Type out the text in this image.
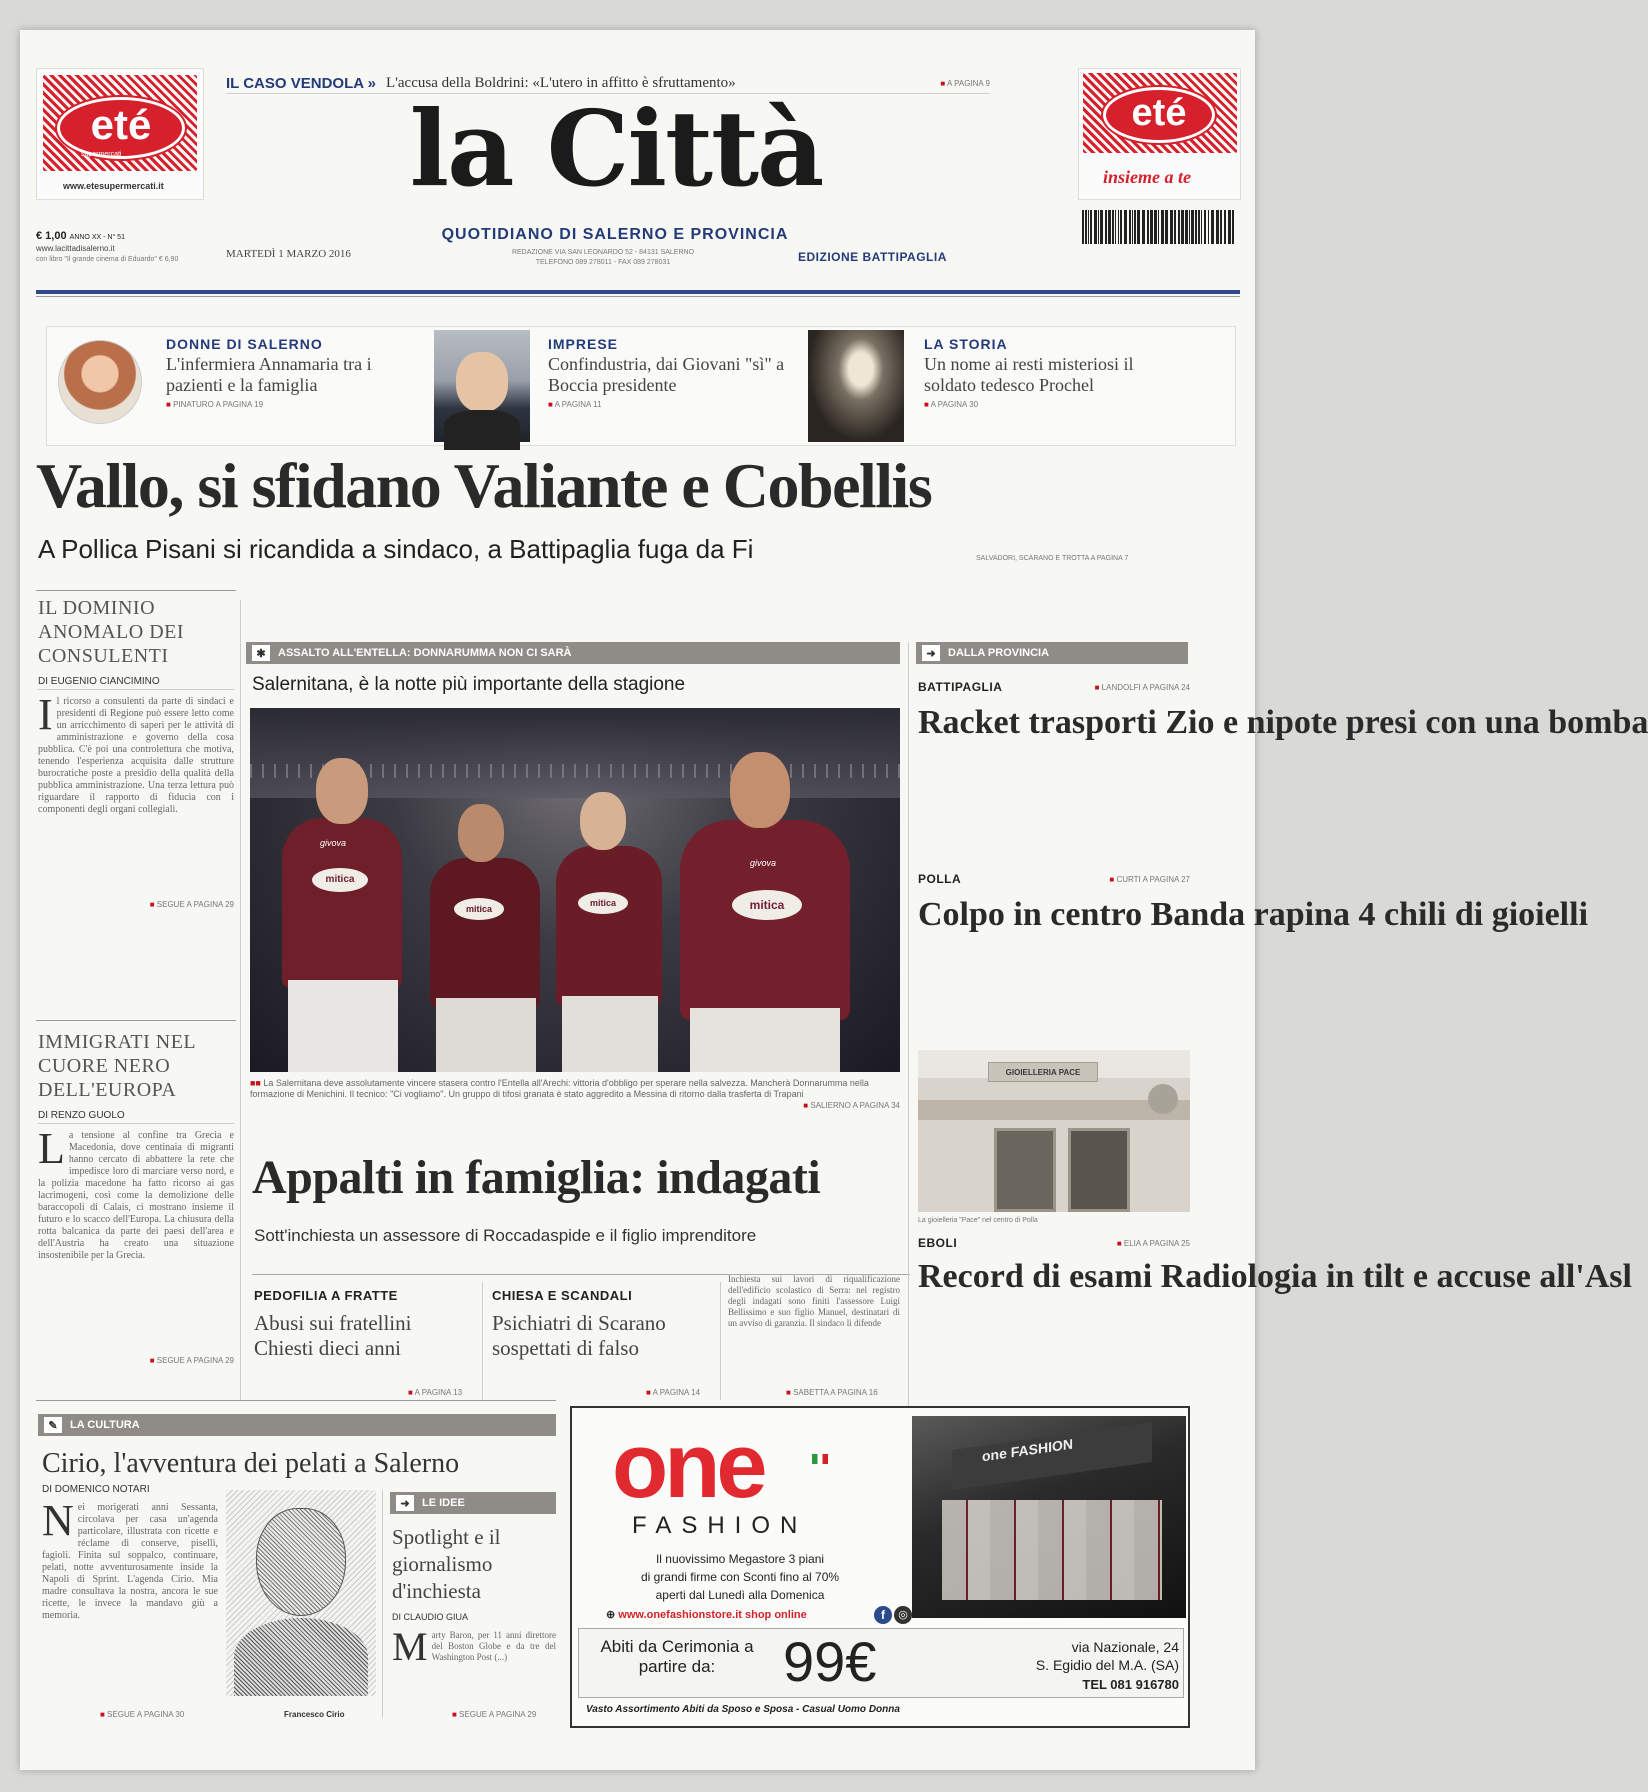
eté
supermercati
www.etesupermercati.it
eté
insieme a te
IL CASO VENDOLA » L'accusa della Boldrini: «L'utero in affitto è sfruttamento»	■ A PAGINA 9
la Città
QUOTIDIANO DI SALERNO E PROVINCIA
MARTEDÌ 1 MARZO 2016	REDAZIONE VIA SAN LEONARDO 52 - 84131 SALERNO
TELEFONO 089 278011 - FAX 089 278031	EDIZIONE BATTIPAGLIA
€ 1,00 ANNO XX - N° 51
www.lacittadisalerno.it
con libro "Il grande cinema di Eduardo" € 6,90
DONNE DI SALERNO
L'infermiera Annamaria tra i pazienti e la famiglia
■ PINATURO A PAGINA 19
IMPRESE
Confindustria, dai Giovani "sì" a Boccia presidente
■ A PAGINA 11
LA STORIA
Un nome ai resti misteriosi il soldato tedesco Prochel
■ A PAGINA 30
Vallo, si sfidano Valiante e Cobellis
A Pollica Pisani si ricandida a sindaco, a Battipaglia fuga da Fi	SALVADORI, SCARANO E TROTTA A PAGINA 7
IL DOMINIO ANOMALO DEI CONSULENTI
DI EUGENIO CIANCIMINO
Il ricorso a consulenti da parte di sindaci e presidenti di Regione può essere letto come un arricchimento di saperi per le attività di amministrazione e governo della cosa pubblica. C'è poi una controlettura che motiva, tenendo l'esperienza acquisita dalle strutture burocratiche poste a presidio della qualità della pubblica amministrazione. Una terza lettura può riguardare il rapporto di fiducia con i componenti degli organi collegiali.
■ SEGUE A PAGINA 29
IMMIGRATI NEL CUORE NERO DELL'EUROPA
DI RENZO GUOLO
La tensione al confine tra Grecia e Macedonia, dove centinaia di migranti hanno cercato di abbattere la rete che impedisce loro di marciare verso nord, e la polizia macedone ha fatto ricorso ai gas lacrimogeni, così come la demolizione delle baraccopoli di Calais, ci mostrano insieme il futuro e lo scacco dell'Europa. La chiusura della rotta balcanica da parte dei paesi dell'area e dell'Austria ha creato una situazione insostenibile per la Grecia.
■ SEGUE A PAGINA 29
✱	ASSALTO ALL'ENTELLA: DONNARUMMA NON CI SARÀ
Salernitana, è la notte più importante della stagione
mitica
mitica
mitica	mitica
givova
givova
■■ La Salernitana deve assolutamente vincere stasera contro l'Entella all'Arechi: vittoria d'obbligo per sperare nella salvezza. Mancherà Donnarumma nella formazione di Menichini. Il tecnico: "Ci vogliamo". Un gruppo di tifosi granata è stato aggredito a Messina di ritorno dalla trasferta di Trapani
■ SALIERNO A PAGINA 34
Appalti in famiglia: indagati
Sott'inchiesta un assessore di Roccadaspide e il figlio imprenditore
PEDOFILIA A FRATTE
Abusi sui fratellini Chiesti dieci anni
■ A PAGINA 13
CHIESA E SCANDALI
Psichiatri di Scarano sospettati di falso
■ A PAGINA 14
Inchiesta sui lavori di riqualificazione dell'edificio scolastico di Serra: nel registro degli indagati sono finiti l'assessore Luigi Bellissimo e suo figlio Manuel, destinatari di un avviso di garanzia. Il sindaco li difende
■ SABETTA A PAGINA 16
➜	DALLA PROVINCIA
BATTIPAGLIA	■ LANDOLFI A PAGINA 24
Racket trasporti Zio e nipote presi con una bomba
POLLA	■ CURTI A PAGINA 27
Colpo in centro Banda rapina 4 chili di gioielli
GIOIELLERIA PACE
La gioielleria "Pace" nel centro di Polla
EBOLI	■ ELIA A PAGINA 25
Record di esami Radiologia in tilt e accuse all'Asl
✎	LA CULTURA
Cirio, l'avventura dei pelati a Salerno
DI DOMENICO NOTARI
Nei morigerati anni Sessanta, circolava per casa un'agenda particolare, illustrata con ricette e réclame di conserve, pisellì, fagioli. Finita sul soppalco, continuare, pelati, notte avventurosamente inside la Napoli di Sprint. L'agenda Cirio. Mia madre consultava la nostra, ancora le sue ricette, le invece la mandavo giù a memoria.
■ SEGUE A PAGINA 30	Francesco Cirio
➜	LE IDEE
Spotlight e il giornalismo d'inchiesta
DI CLAUDIO GIUA
Marty Baron, per 11 anni direttore del Boston Globe e da tre del Washington Post (...)
■ SEGUE A PAGINA 29
one
FASHION
Il nuovissimo Megastore 3 piani
di grandi firme con Sconti fino al 70%
aperti dal Lunedì alla Domenica
⊕ www.onefashionstore.it shop online	f	◎
one FASHION
Abiti da Cerimonia a partire da:	99€	via Nazionale, 24
S. Egidio del M.A. (SA)
TEL 081 916780
Vasto Assortimento Abiti da Sposo e Sposa - Casual Uomo Donna
